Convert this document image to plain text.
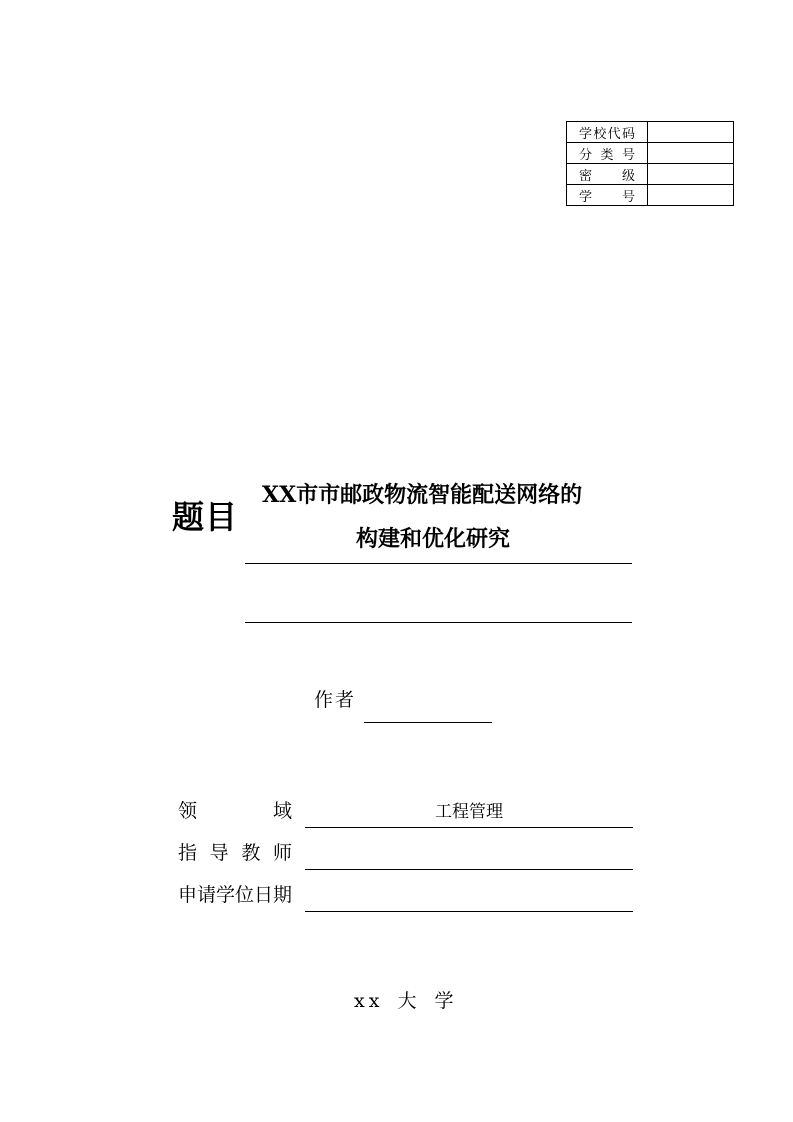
学校代码	
分类号	
密级	
学号	
题目
XX市市邮政物流智能配送网络的
构建和优化研究
作者
领域	工程管理
指导教师
申请学位日期
xx 大 学
